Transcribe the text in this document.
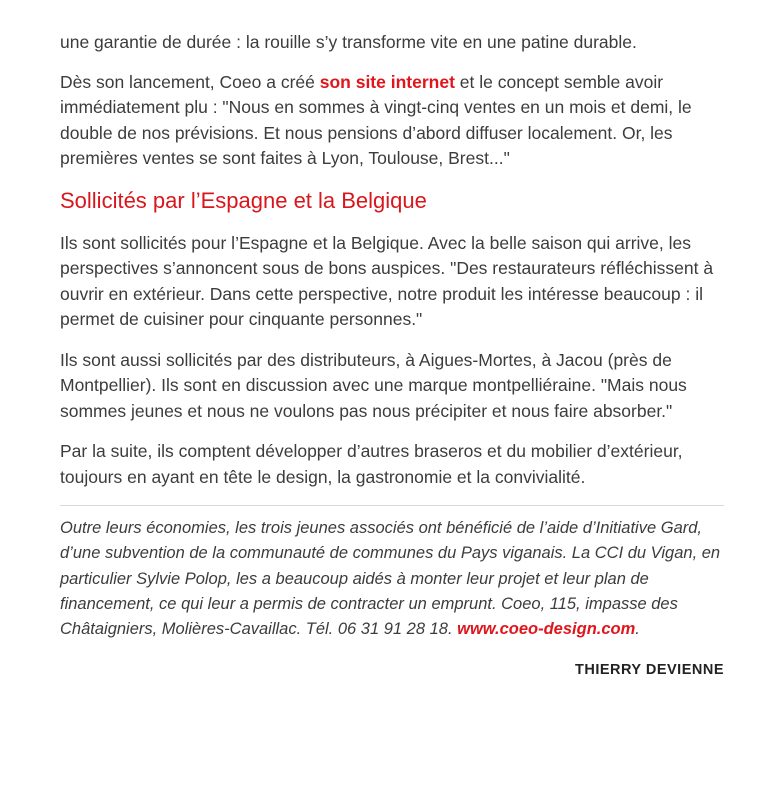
une garantie de durée : la rouille s’y transforme vite en une patine durable.

Dès son lancement, Coeo a créé son site internet et le concept semble avoir immédiatement plu : "Nous en sommes à vingt-cinq ventes en un mois et demi, le double de nos prévisions. Et nous pensions d’abord diffuser localement. Or, les premières ventes se sont faites à Lyon, Toulouse, Brest..."

Sollicités par l’Espagne et la Belgique

Ils sont sollicités pour l’Espagne et la Belgique. Avec la belle saison qui arrive, les perspectives s’annoncent sous de bons auspices. "Des restaurateurs réfléchissent à ouvrir en extérieur. Dans cette perspective, notre produit les intéresse beaucoup : il permet de cuisiner pour cinquante personnes."

Ils sont aussi sollicités par des distributeurs, à Aigues-Mortes, à Jacou (près de Montpellier). Ils sont en discussion avec une marque montpelliéraine. "Mais nous sommes jeunes et nous ne voulons pas nous précipiter et nous faire absorber."

Par la suite, ils comptent développer d’autres braseros et du mobilier d’extérieur, toujours en ayant en tête le design, la gastronomie et la convivialité.

Outre leurs économies, les trois jeunes associés ont bénéficié de l’aide d’Initiative Gard, d’une subvention de la communauté de communes du Pays viganais. La CCI du Vigan, en particulier Sylvie Polop, les a beaucoup aidés à monter leur projet et leur plan de financement, ce qui leur a permis de contracter un emprunt. Coeo, 115, impasse des Châtaigniers, Molières-Cavaillac. Tél. 06 31 91 28 18. www.coeo-design.com.

THIERRY DEVIENNE
